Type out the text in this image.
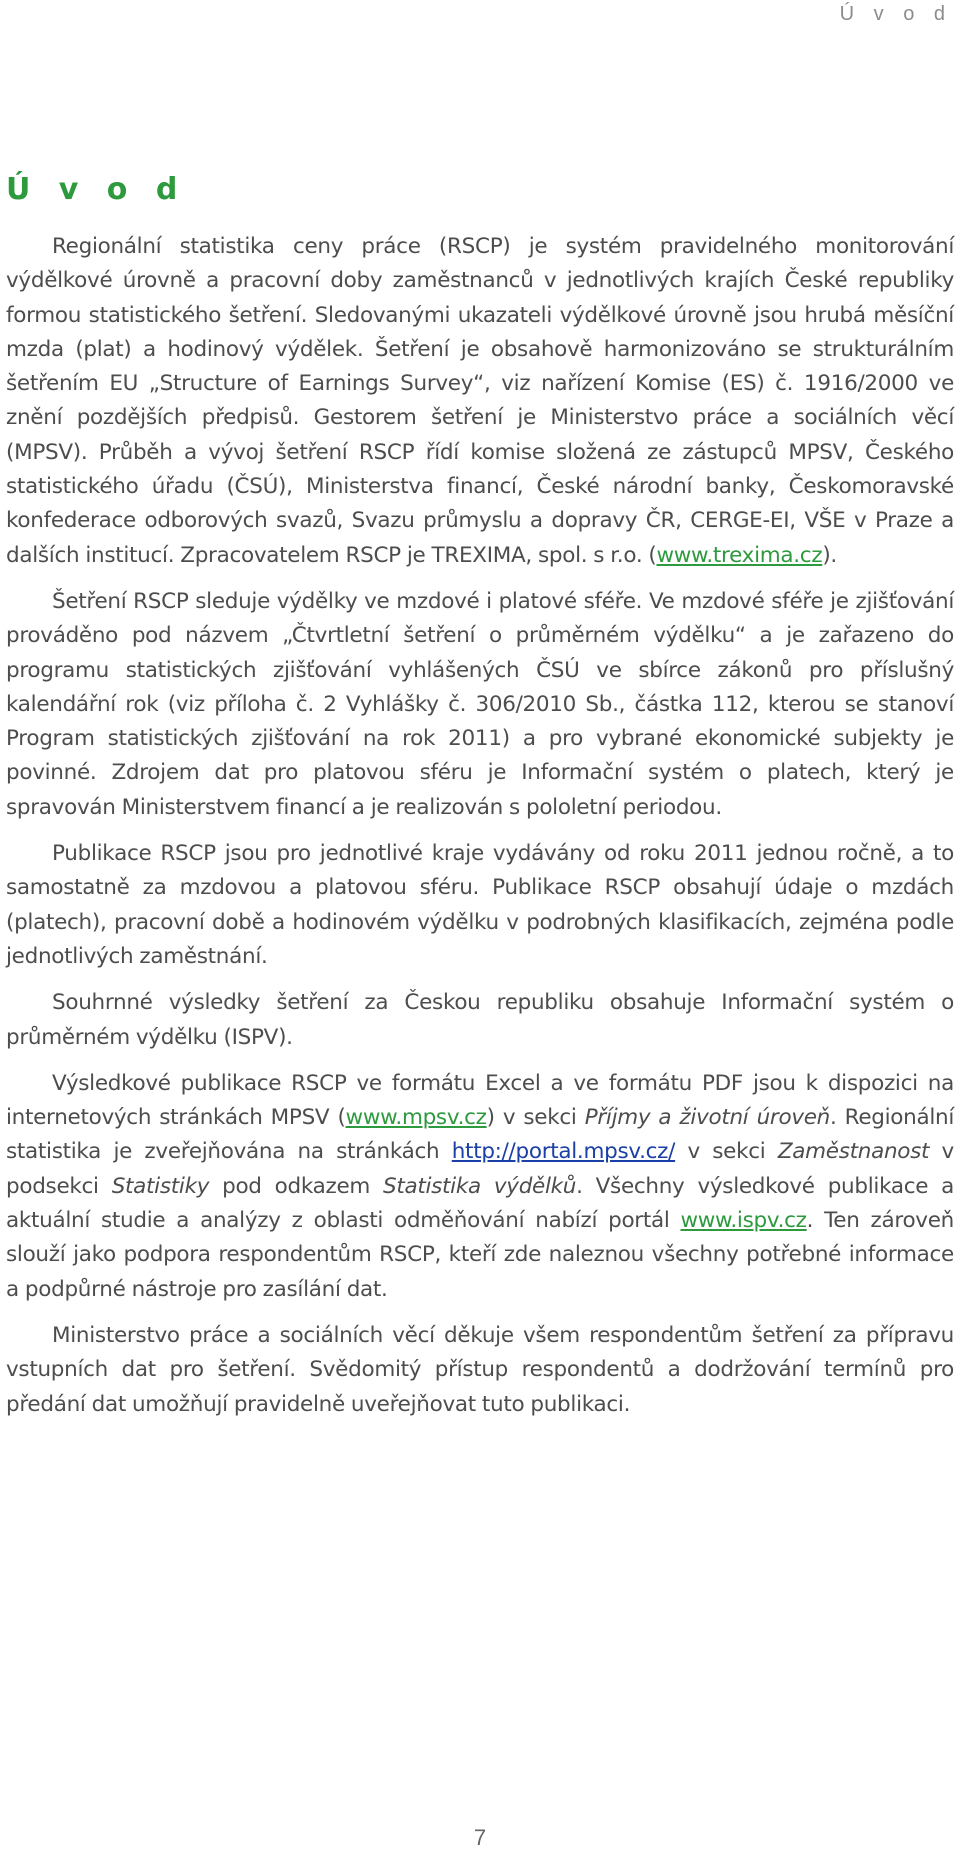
Ú v o d
Ú v o d

Regionální statistika ceny práce (RSCP) je systém pravidelného monitorování výdělkové úrovně a pracovní doby zaměstnanců v jednotlivých krajích České republiky formou statistického šetření. Sledovanými ukazateli výdělkové úrovně jsou hrubá měsíční mzda (plat) a hodinový výdělek. Šetření je obsahově harmonizováno se strukturálním šetřením EU „Structure of Earnings Survey“, viz nařízení Komise (ES) č. 1916/2000 ve znění pozdějších předpisů. Gestorem šetření je Ministerstvo práce a sociálních věcí (MPSV). Průběh a vývoj šetření RSCP řídí komise složená ze zástupců MPSV, Českého statistického úřadu (ČSÚ), Ministerstva financí, České národní banky, Českomoravské konfederace odborových svazů, Svazu průmyslu a dopravy ČR, CERGE-EI, VŠE v Praze a dalších institucí. Zpracovatelem RSCP je TREXIMA, spol. s r.o. (www.trexima.cz).

Šetření RSCP sleduje výdělky ve mzdové i platové sféře. Ve mzdové sféře je zjišťování prováděno pod názvem „Čtvrtletní šetření o průměrném výdělku“ a je zařazeno do programu statistických zjišťování vyhlášených ČSÚ ve sbírce zákonů pro příslušný kalendářní rok (viz příloha č. 2 Vyhlášky č. 306/2010 Sb., částka 112, kterou se stanoví Program statistických zjišťování na rok 2011) a pro vybrané ekonomické subjekty je povinné. Zdrojem dat pro platovou sféru je Informační systém o platech, který je spravován Ministerstvem financí a je realizován s pololetní periodou.

Publikace RSCP jsou pro jednotlivé kraje vydávány od roku 2011 jednou ročně, a to samostatně za mzdovou a platovou sféru. Publikace RSCP obsahují údaje o mzdách (platech), pracovní době a hodinovém výdělku v podrobných klasifikacích, zejména podle jednotlivých zaměstnání.

Souhrnné výsledky šetření za Českou republiku obsahuje Informační systém o průměrném výdělku (ISPV).

Výsledkové publikace RSCP ve formátu Excel a ve formátu PDF jsou k dispozici na internetových stránkách MPSV (www.mpsv.cz) v sekci Příjmy a životní úroveň. Regionální statistika je zveřejňována na stránkách http://portal.mpsv.cz/ v sekci Zaměstnanost v podsekci Statistiky pod odkazem Statistika výdělků. Všechny výsledkové publikace a aktuální studie a analýzy z oblasti odměňování nabízí portál www.ispv.cz. Ten zároveň slouží jako podpora respondentům RSCP, kteří zde naleznou všechny potřebné informace a podpůrné nástroje pro zasílání dat.

Ministerstvo práce a sociálních věcí děkuje všem respondentům šetření za přípravu vstupních dat pro šetření. Svědomitý přístup respondentů a dodržování termínů pro předání dat umožňují pravidelně uveřejňovat tuto publikaci.

7
